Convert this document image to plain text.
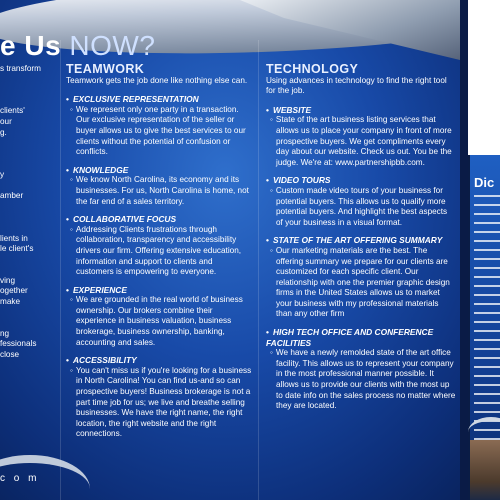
e Us NOW?

s transform

clients'

our

g.

y

amber

lients in

le client's

ving

ogether

make

ng

fessionals

close

c o m
TEAMWORK
Teamwork gets the job done like nothing else can.
• EXCLUSIVE REPRESENTATION
◦ We represent only one party in a transaction. Our exclusive representation of the seller or buyer allows us to give the best services to our clients without the potential of confusion or conflicts.
• KNOWLEDGE
◦ We know North Carolina, its economy and its businesses. For us, North Carolina is home, not the far end of a sales territory.
• COLLABORATIVE FOCUS
◦ Addressing Clients frustrations through collaboration, transparency and accessibility drivers our firm. Offering extensive education, information and support to clients and customers is empowering to everyone.
• EXPERIENCE
◦ We are grounded in the real world of business ownership. Our brokers combine their experience in business valuation, business brokerage, business ownership, banking, accounting and sales.
• ACCESSIBILITY
◦ You can't miss us if you're looking for a business in North Carolina! You can find us-and so can prospective buyers! Business brokerage is not a part time job for us; we live and breathe selling businesses. We have the right name, the right location, the right website and the right connections.
TECHNOLOGY
Using advances in technology to find the right tool for the job.
• WEBSITE
◦ State of the art business listing services that allows us to place your company in front of more prospective buyers. We get compliments every day about our website. Check us out. You be the judge. We're at: www.partnershipbb.com.
• VIDEO TOURS
◦ Custom made video tours of your business for potential buyers. This allows us to qualify more potential buyers. And highlight the best aspects of your business in a visual format.
• STATE OF THE ART OFFERING SUMMARY
◦ Our marketing materials are the best. The offering summary we prepare for our clients are customized for each specific client. Our relationship with one the premier graphic design firms in the United States allows us to market your business with my professional materials than any other firm
• HIGH TECH OFFICE AND CONFERENCE FACILITIES
◦ We have a newly remolded state of the art office facility. This allows us to represent your company in the most professional manner possible. It allows us to provide our clients with the most up to date info on the sales process no matter where they are located.
Dic
